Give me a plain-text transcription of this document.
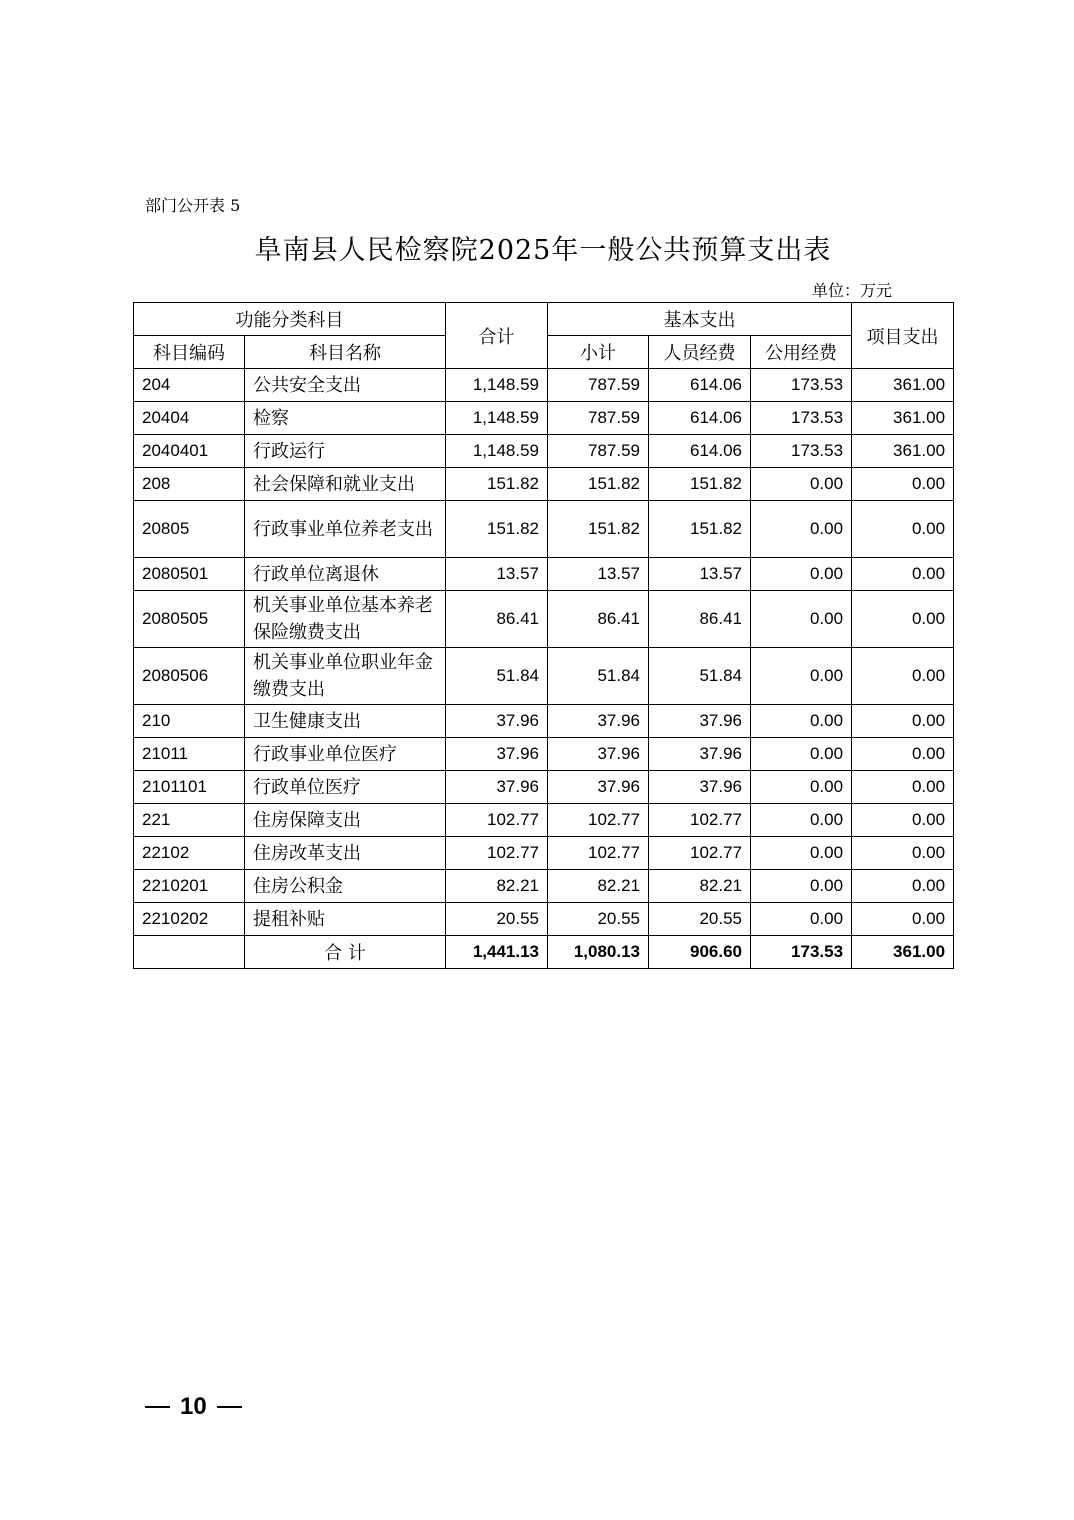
部门公开表 5
阜南县人民检察院2025年一般公共预算支出表
单位：万元
功能分类科目		合计	基本支出			项目支出
科目编码	科目名称		小计	人员经费	公用经费	
204	公共安全支出	1,148.59	787.59	614.06	173.53	361.00
20404	检察	1,148.59	787.59	614.06	173.53	361.00
2040401	行政运行	1,148.59	787.59	614.06	173.53	361.00
208	社会保障和就业支出	151.82	151.82	151.82	0.00	0.00
20805	行政事业单位养老支出	151.82	151.82	151.82	0.00	0.00
2080501	行政单位离退休	13.57	13.57	13.57	0.00	0.00
2080505	机关事业单位基本养老保险缴费支出	86.41	86.41	86.41	0.00	0.00
2080506	机关事业单位职业年金缴费支出	51.84	51.84	51.84	0.00	0.00
210	卫生健康支出	37.96	37.96	37.96	0.00	0.00
21011	行政事业单位医疗	37.96	37.96	37.96	0.00	0.00
2101101	行政单位医疗	37.96	37.96	37.96	0.00	0.00
221	住房保障支出	102.77	102.77	102.77	0.00	0.00
22102	住房改革支出	102.77	102.77	102.77	0.00	0.00
2210201	住房公积金	82.21	82.21	82.21	0.00	0.00
2210202	提租补贴	20.55	20.55	20.55	0.00	0.00
	合 计	1,441.13	1,080.13	906.60	173.53	361.00
10
